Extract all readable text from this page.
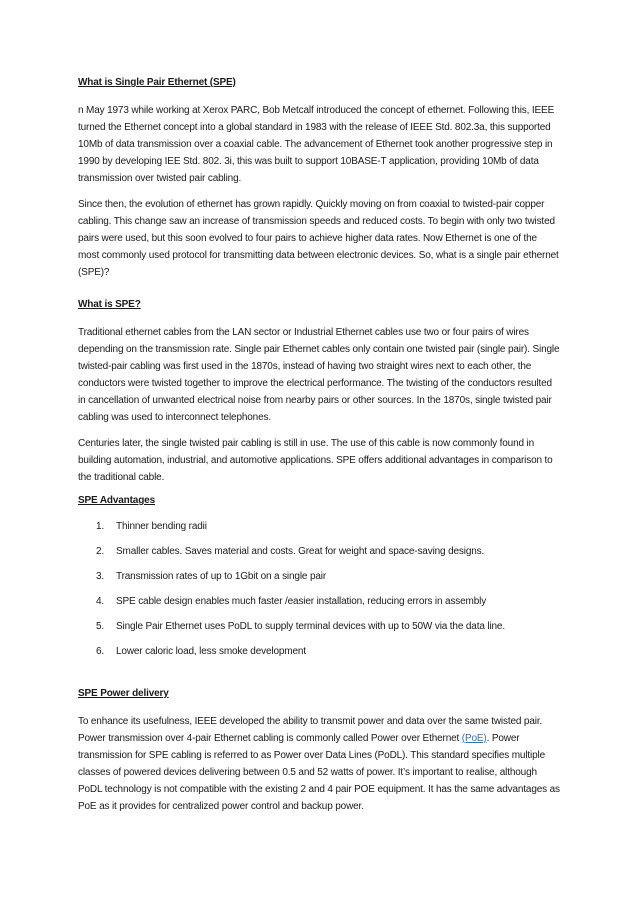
What is Single Pair Ethernet (SPE)

n May 1973 while working at Xerox PARC, Bob Metcalf introduced the concept of ethernet. Following this, IEEE turned the Ethernet concept into a global standard in 1983 with the release of IEEE Std. 802.3a, this supported 10Mb of data transmission over a coaxial cable. The advancement of Ethernet took another progressive step in 1990 by developing IEE Std. 802. 3i, this was built to support 10BASE-T application, providing 10Mb of data transmission over twisted pair cabling.

Since then, the evolution of ethernet has grown rapidly. Quickly moving on from coaxial to twisted-pair copper cabling. This change saw an increase of transmission speeds and reduced costs. To begin with only two twisted pairs were used, but this soon evolved to four pairs to achieve higher data rates. Now Ethernet is one of the most commonly used protocol for transmitting data between electronic devices. So, what is a single pair ethernet (SPE)?

What is SPE?

Traditional ethernet cables from the LAN sector or Industrial Ethernet cables use two or four pairs of wires depending on the transmission rate. Single pair Ethernet cables only contain one twisted pair (single pair). Single twisted-pair cabling was first used in the 1870s, instead of having two straight wires next to each other, the conductors were twisted together to improve the electrical performance. The twisting of the conductors resulted in cancellation of unwanted electrical noise from nearby pairs or other sources. In the 1870s, single twisted pair cabling was used to interconnect telephones.

Centuries later, the single twisted pair cabling is still in use. The use of this cable is now commonly found in building automation, industrial, and automotive applications. SPE offers additional advantages in comparison to the traditional cable.

SPE Advantages

1. Thinner bending radii
2. Smaller cables. Saves material and costs. Great for weight and space-saving designs.
3. Transmission rates of up to 1Gbit on a single pair
4. SPE cable design enables much faster /easier installation, reducing errors in assembly
5. Single Pair Ethernet uses PoDL to supply terminal devices with up to 50W via the data line.
6. Lower caloric load, less smoke development

SPE Power delivery

To enhance its usefulness, IEEE developed the ability to transmit power and data over the same twisted pair. Power transmission over 4-pair Ethernet cabling is commonly called Power over Ethernet (PoE). Power transmission for SPE cabling is referred to as Power over Data Lines (PoDL). This standard specifies multiple classes of powered devices delivering between 0.5 and 52 watts of power. It’s important to realise, although PoDL technology is not compatible with the existing 2 and 4 pair POE equipment. It has the same advantages as PoE as it provides for centralized power control and backup power.
